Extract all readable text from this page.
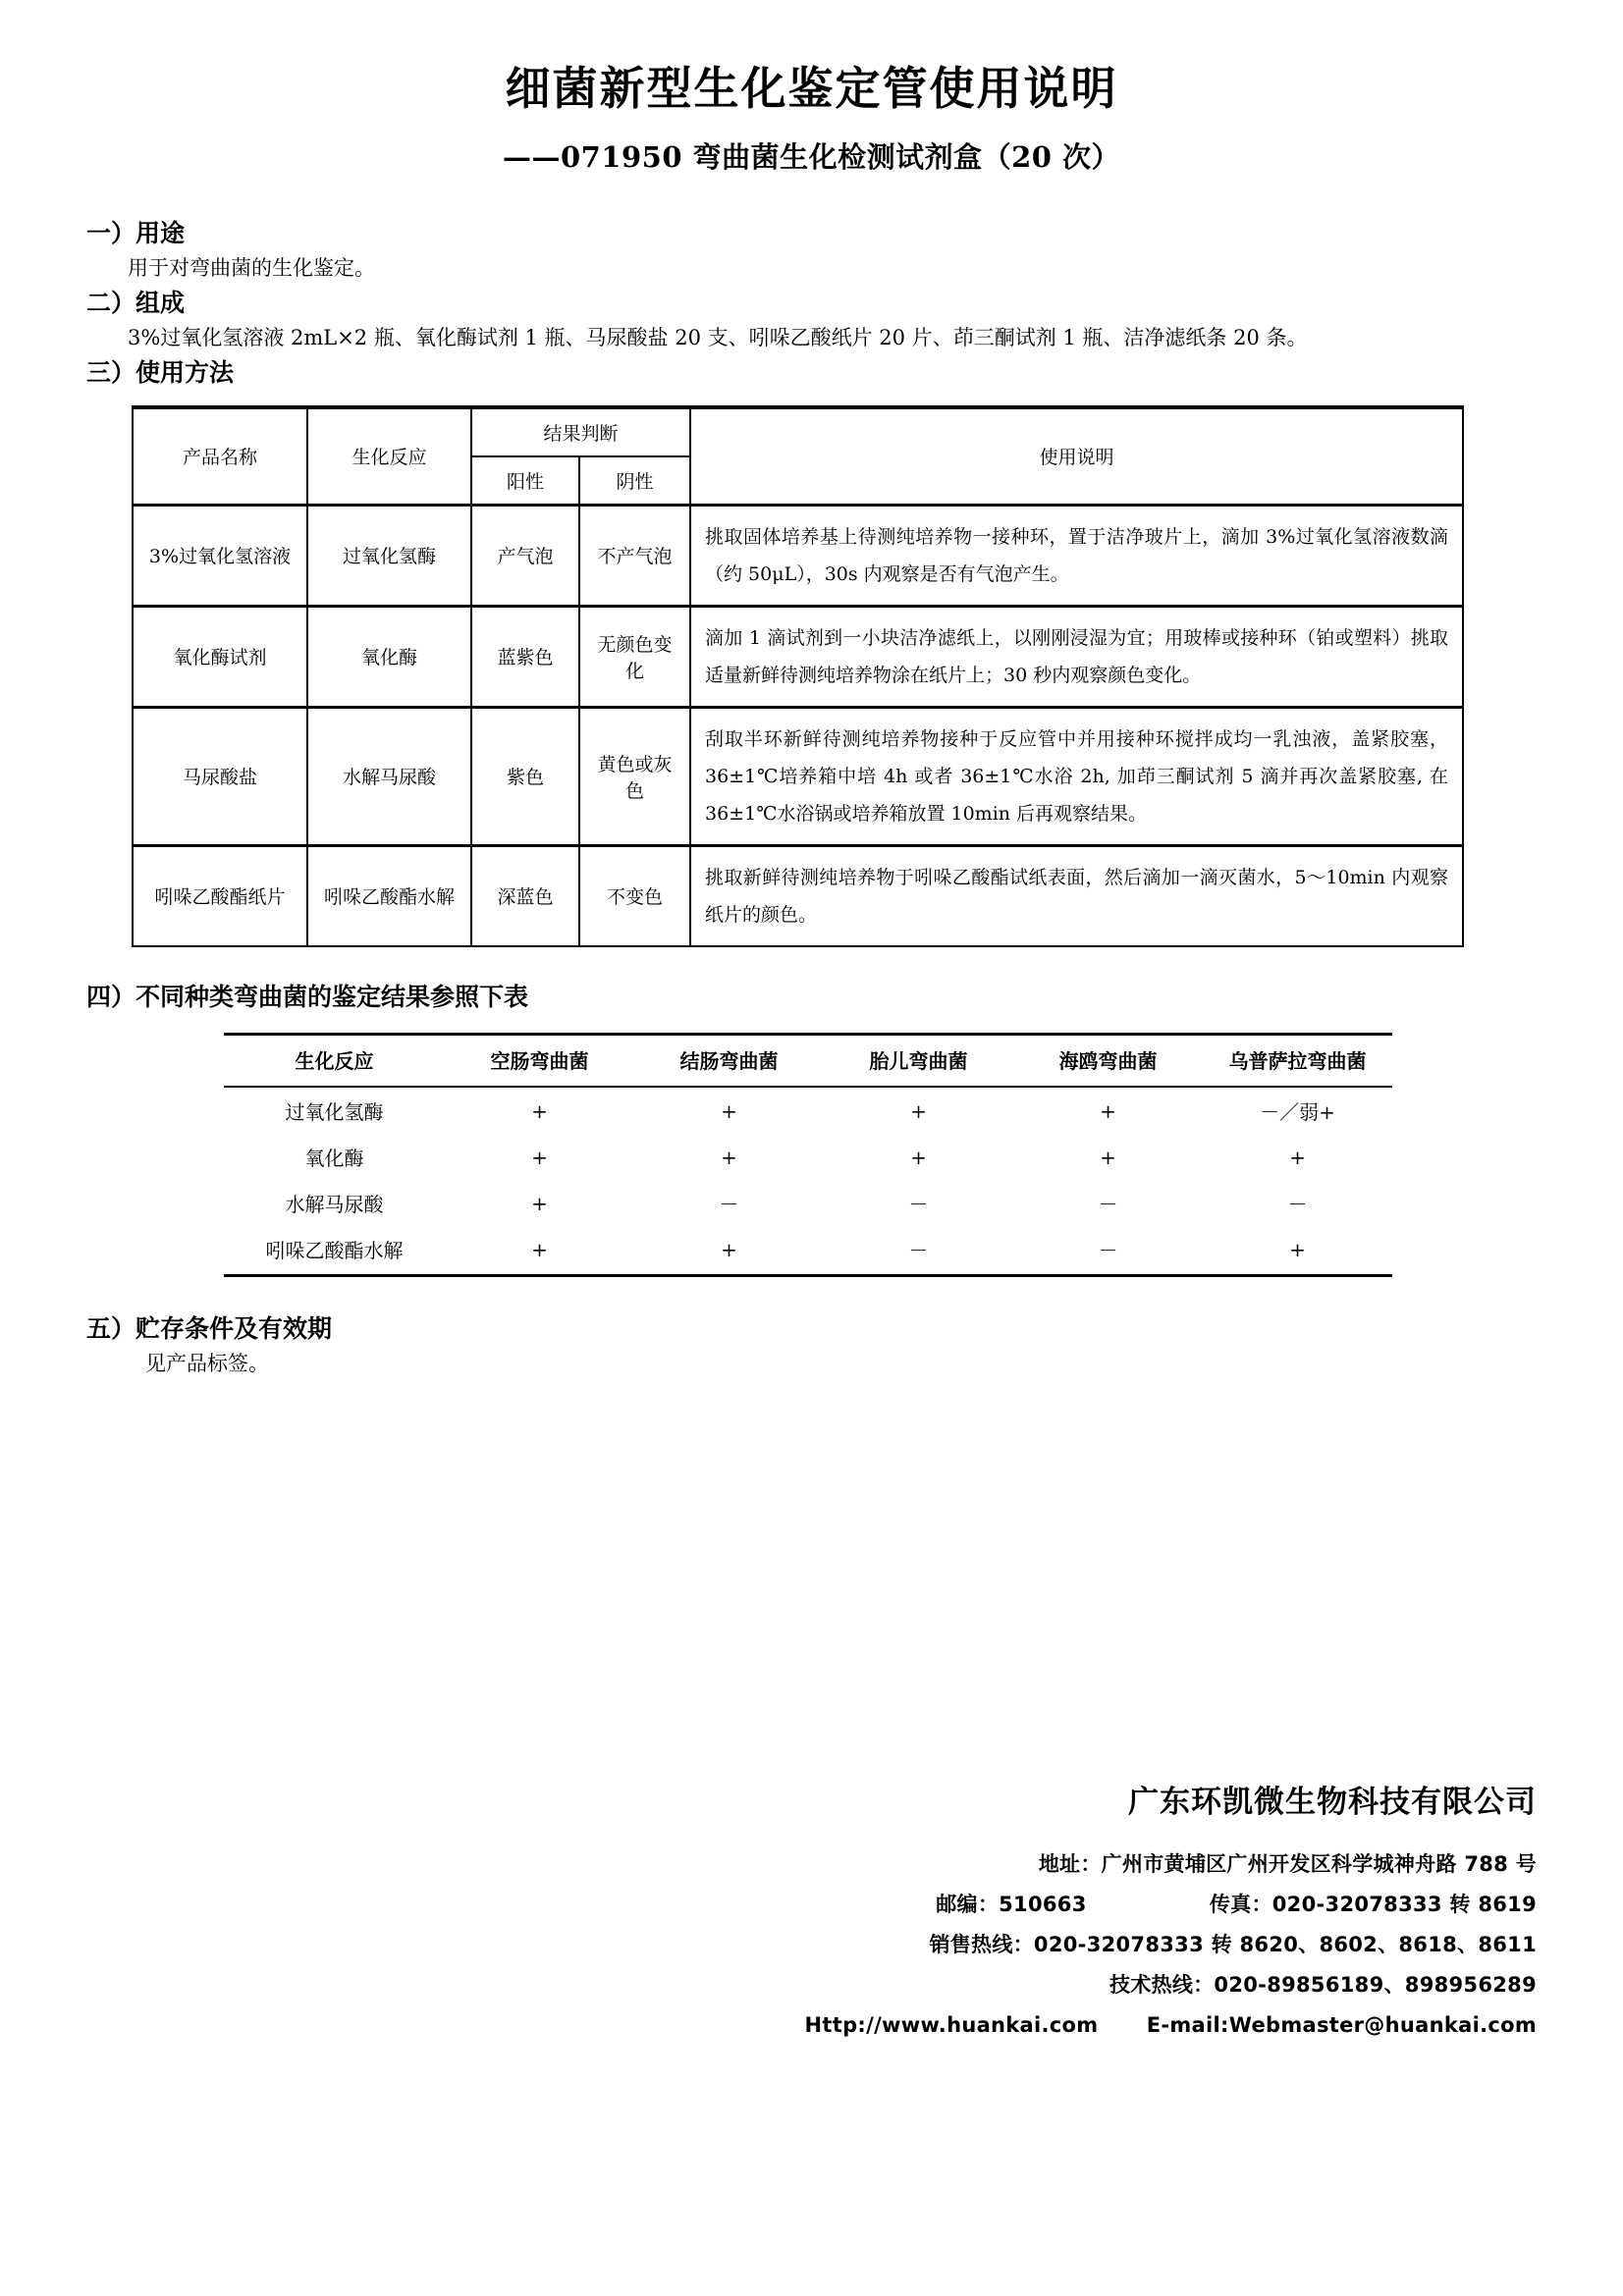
细菌新型生化鉴定管使用说明
——071950 弯曲菌生化检测试剂盒（20 次）
一）用途
用于对弯曲菌的生化鉴定。
二）组成
3%过氧化氢溶液 2mL×2 瓶、氧化酶试剂 1 瓶、马尿酸盐 20 支、吲哚乙酸纸片 20 片、茚三酮试剂 1 瓶、洁净滤纸条 20 条。
三）使用方法
产品名称	生化反应	结果判断		使用说明
		阳性	阴性	
3%过氧化氢溶液	过氧化氢酶	产气泡	不产气泡	挑取固体培养基上待测纯培养物一接种环，置于洁净玻片上，滴加 3%过氧化氢溶液数滴（约 50μL），30s 内观察是否有气泡产生。
氧化酶试剂	氧化酶	蓝紫色	无颜色变化	滴加 1 滴试剂到一小块洁净滤纸上，以刚刚浸湿为宜；用玻棒或接种环（铂或塑料）挑取适量新鲜待测纯培养物涂在纸片上；30 秒内观察颜色变化。
马尿酸盐	水解马尿酸	紫色	黄色或灰色	刮取半环新鲜待测纯培养物接种于反应管中并用接种环搅拌成均一乳浊液，盖紧胶塞，36±1℃培养箱中培 4h 或者 36±1℃水浴 2h, 加茚三酮试剂 5 滴并再次盖紧胶塞, 在 36±1℃水浴锅或培养箱放置 10min 后再观察结果。
吲哚乙酸酯纸片	吲哚乙酸酯水解	深蓝色	不变色	挑取新鲜待测纯培养物于吲哚乙酸酯试纸表面，然后滴加一滴灭菌水，5～10min 内观察纸片的颜色。
四）不同种类弯曲菌的鉴定结果参照下表
生化反应	空肠弯曲菌	结肠弯曲菌	胎儿弯曲菌	海鸥弯曲菌	乌普萨拉弯曲菌
过氧化氢酶	+	+	+	+	－／弱+
氧化酶	+	+	+	+	+
水解马尿酸	+	－	－	－	－
吲哚乙酸酯水解	+	+	－	－	+
五）贮存条件及有效期
见产品标签。
广东环凯微生物科技有限公司
地址：广州市黄埔区广州开发区科学城神舟路 788 号
邮编：510663	传真：020-32078333 转 8619
销售热线：020-32078333 转 8620、8602、8618、8611
技术热线：020-89856189、898956289
Http://www.huankai.com E-mail:Webmaster@huankai.com
